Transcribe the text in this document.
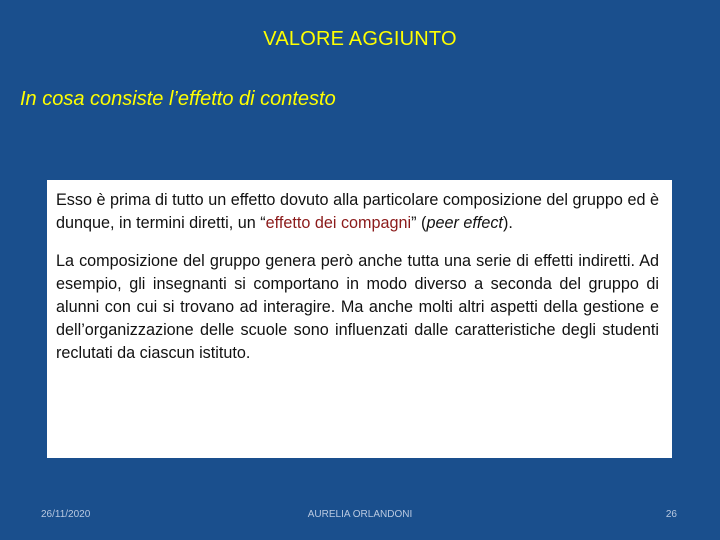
VALORE AGGIUNTO
In cosa consiste l’effetto di contesto

Esso è prima di tutto un effetto dovuto alla particolare composizione del gruppo ed è dunque, in termini diretti, un “effetto dei compagni” (peer effect).

La composizione del gruppo genera però anche tutta una serie di effetti indiretti. Ad esempio, gli insegnanti si comportano in modo diverso a seconda del gruppo di alunni con cui si trovano ad interagire. Ma anche molti altri aspetti della gestione e dell’organizzazione delle scuole sono influenzati dalle caratteristiche degli studenti reclutati da ciascun istituto.

26/11/2020	AURELIA ORLANDONI	26
